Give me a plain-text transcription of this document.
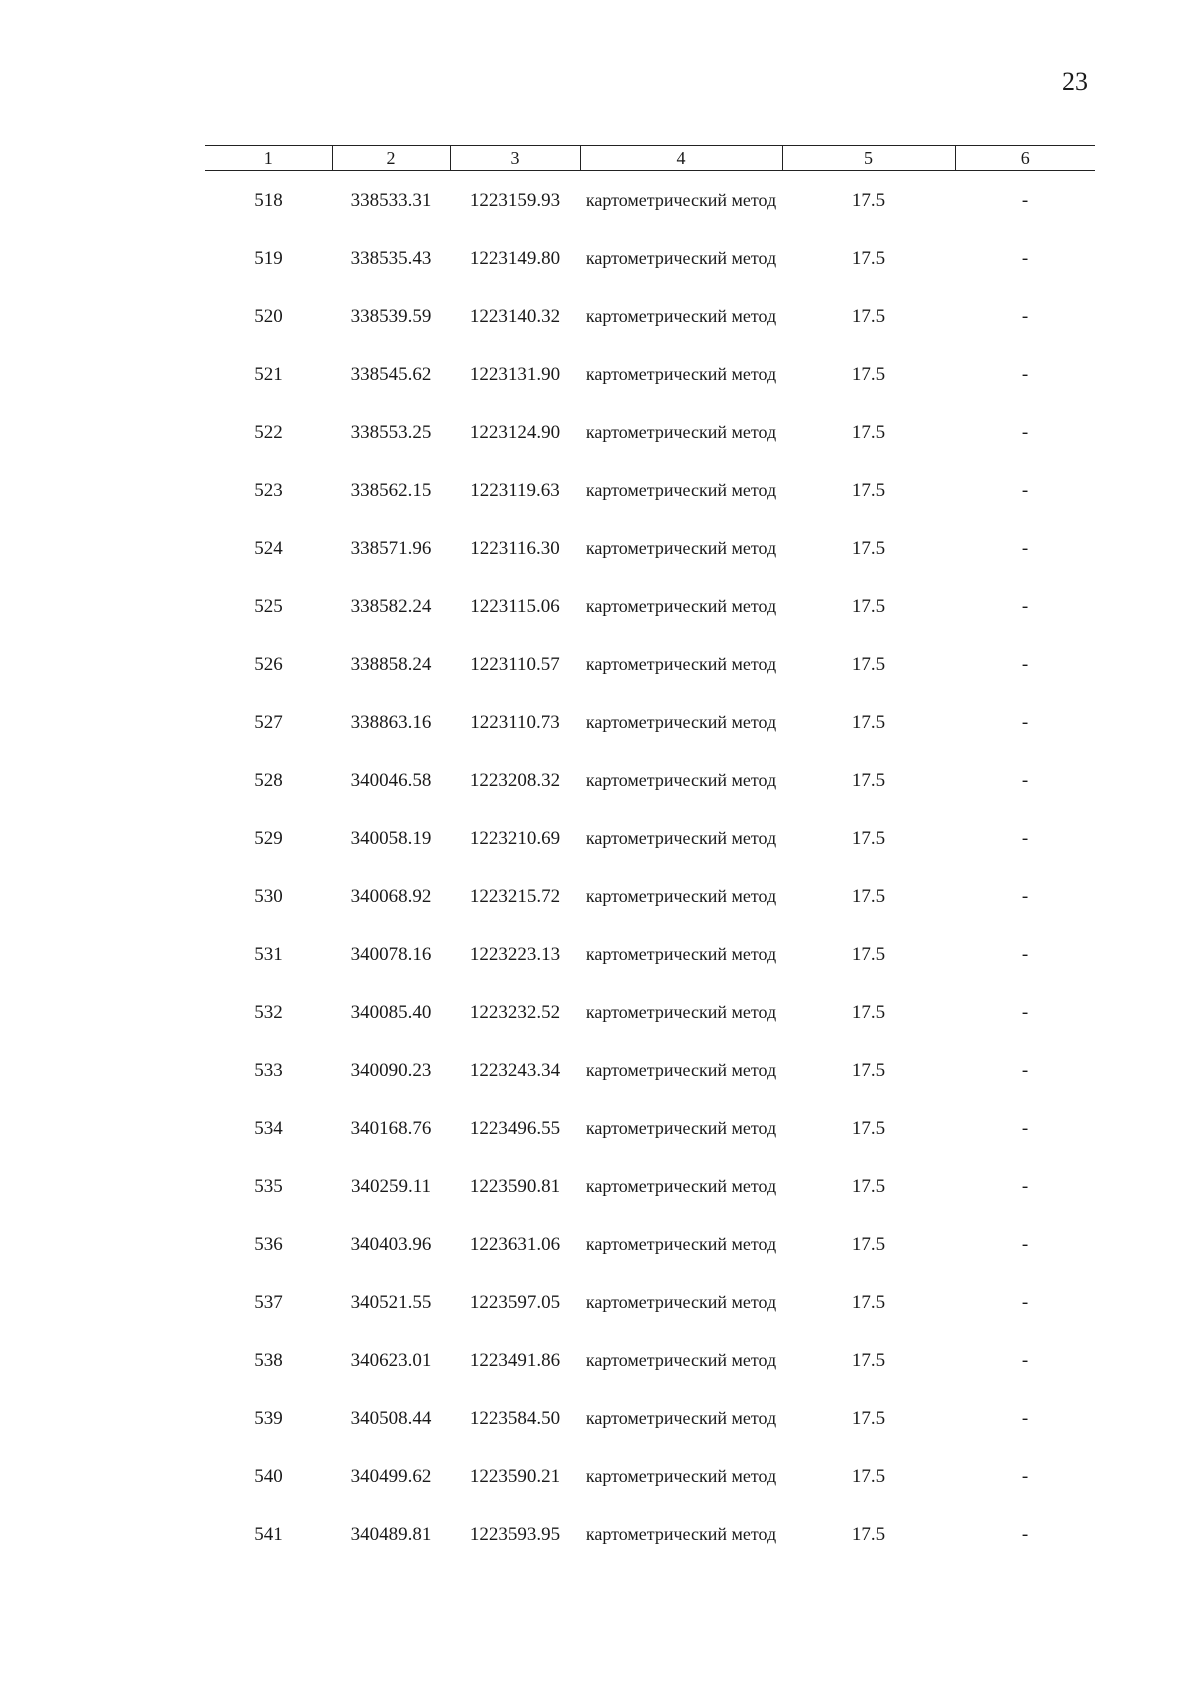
23
1	2	3	4	5	6
518	338533.31	1223159.93	картометрический метод	17.5	-
519	338535.43	1223149.80	картометрический метод	17.5	-
520	338539.59	1223140.32	картометрический метод	17.5	-
521	338545.62	1223131.90	картометрический метод	17.5	-
522	338553.25	1223124.90	картометрический метод	17.5	-
523	338562.15	1223119.63	картометрический метод	17.5	-
524	338571.96	1223116.30	картометрический метод	17.5	-
525	338582.24	1223115.06	картометрический метод	17.5	-
526	338858.24	1223110.57	картометрический метод	17.5	-
527	338863.16	1223110.73	картометрический метод	17.5	-
528	340046.58	1223208.32	картометрический метод	17.5	-
529	340058.19	1223210.69	картометрический метод	17.5	-
530	340068.92	1223215.72	картометрический метод	17.5	-
531	340078.16	1223223.13	картометрический метод	17.5	-
532	340085.40	1223232.52	картометрический метод	17.5	-
533	340090.23	1223243.34	картометрический метод	17.5	-
534	340168.76	1223496.55	картометрический метод	17.5	-
535	340259.11	1223590.81	картометрический метод	17.5	-
536	340403.96	1223631.06	картометрический метод	17.5	-
537	340521.55	1223597.05	картометрический метод	17.5	-
538	340623.01	1223491.86	картометрический метод	17.5	-
539	340508.44	1223584.50	картометрический метод	17.5	-
540	340499.62	1223590.21	картометрический метод	17.5	-
541	340489.81	1223593.95	картометрический метод	17.5	-
